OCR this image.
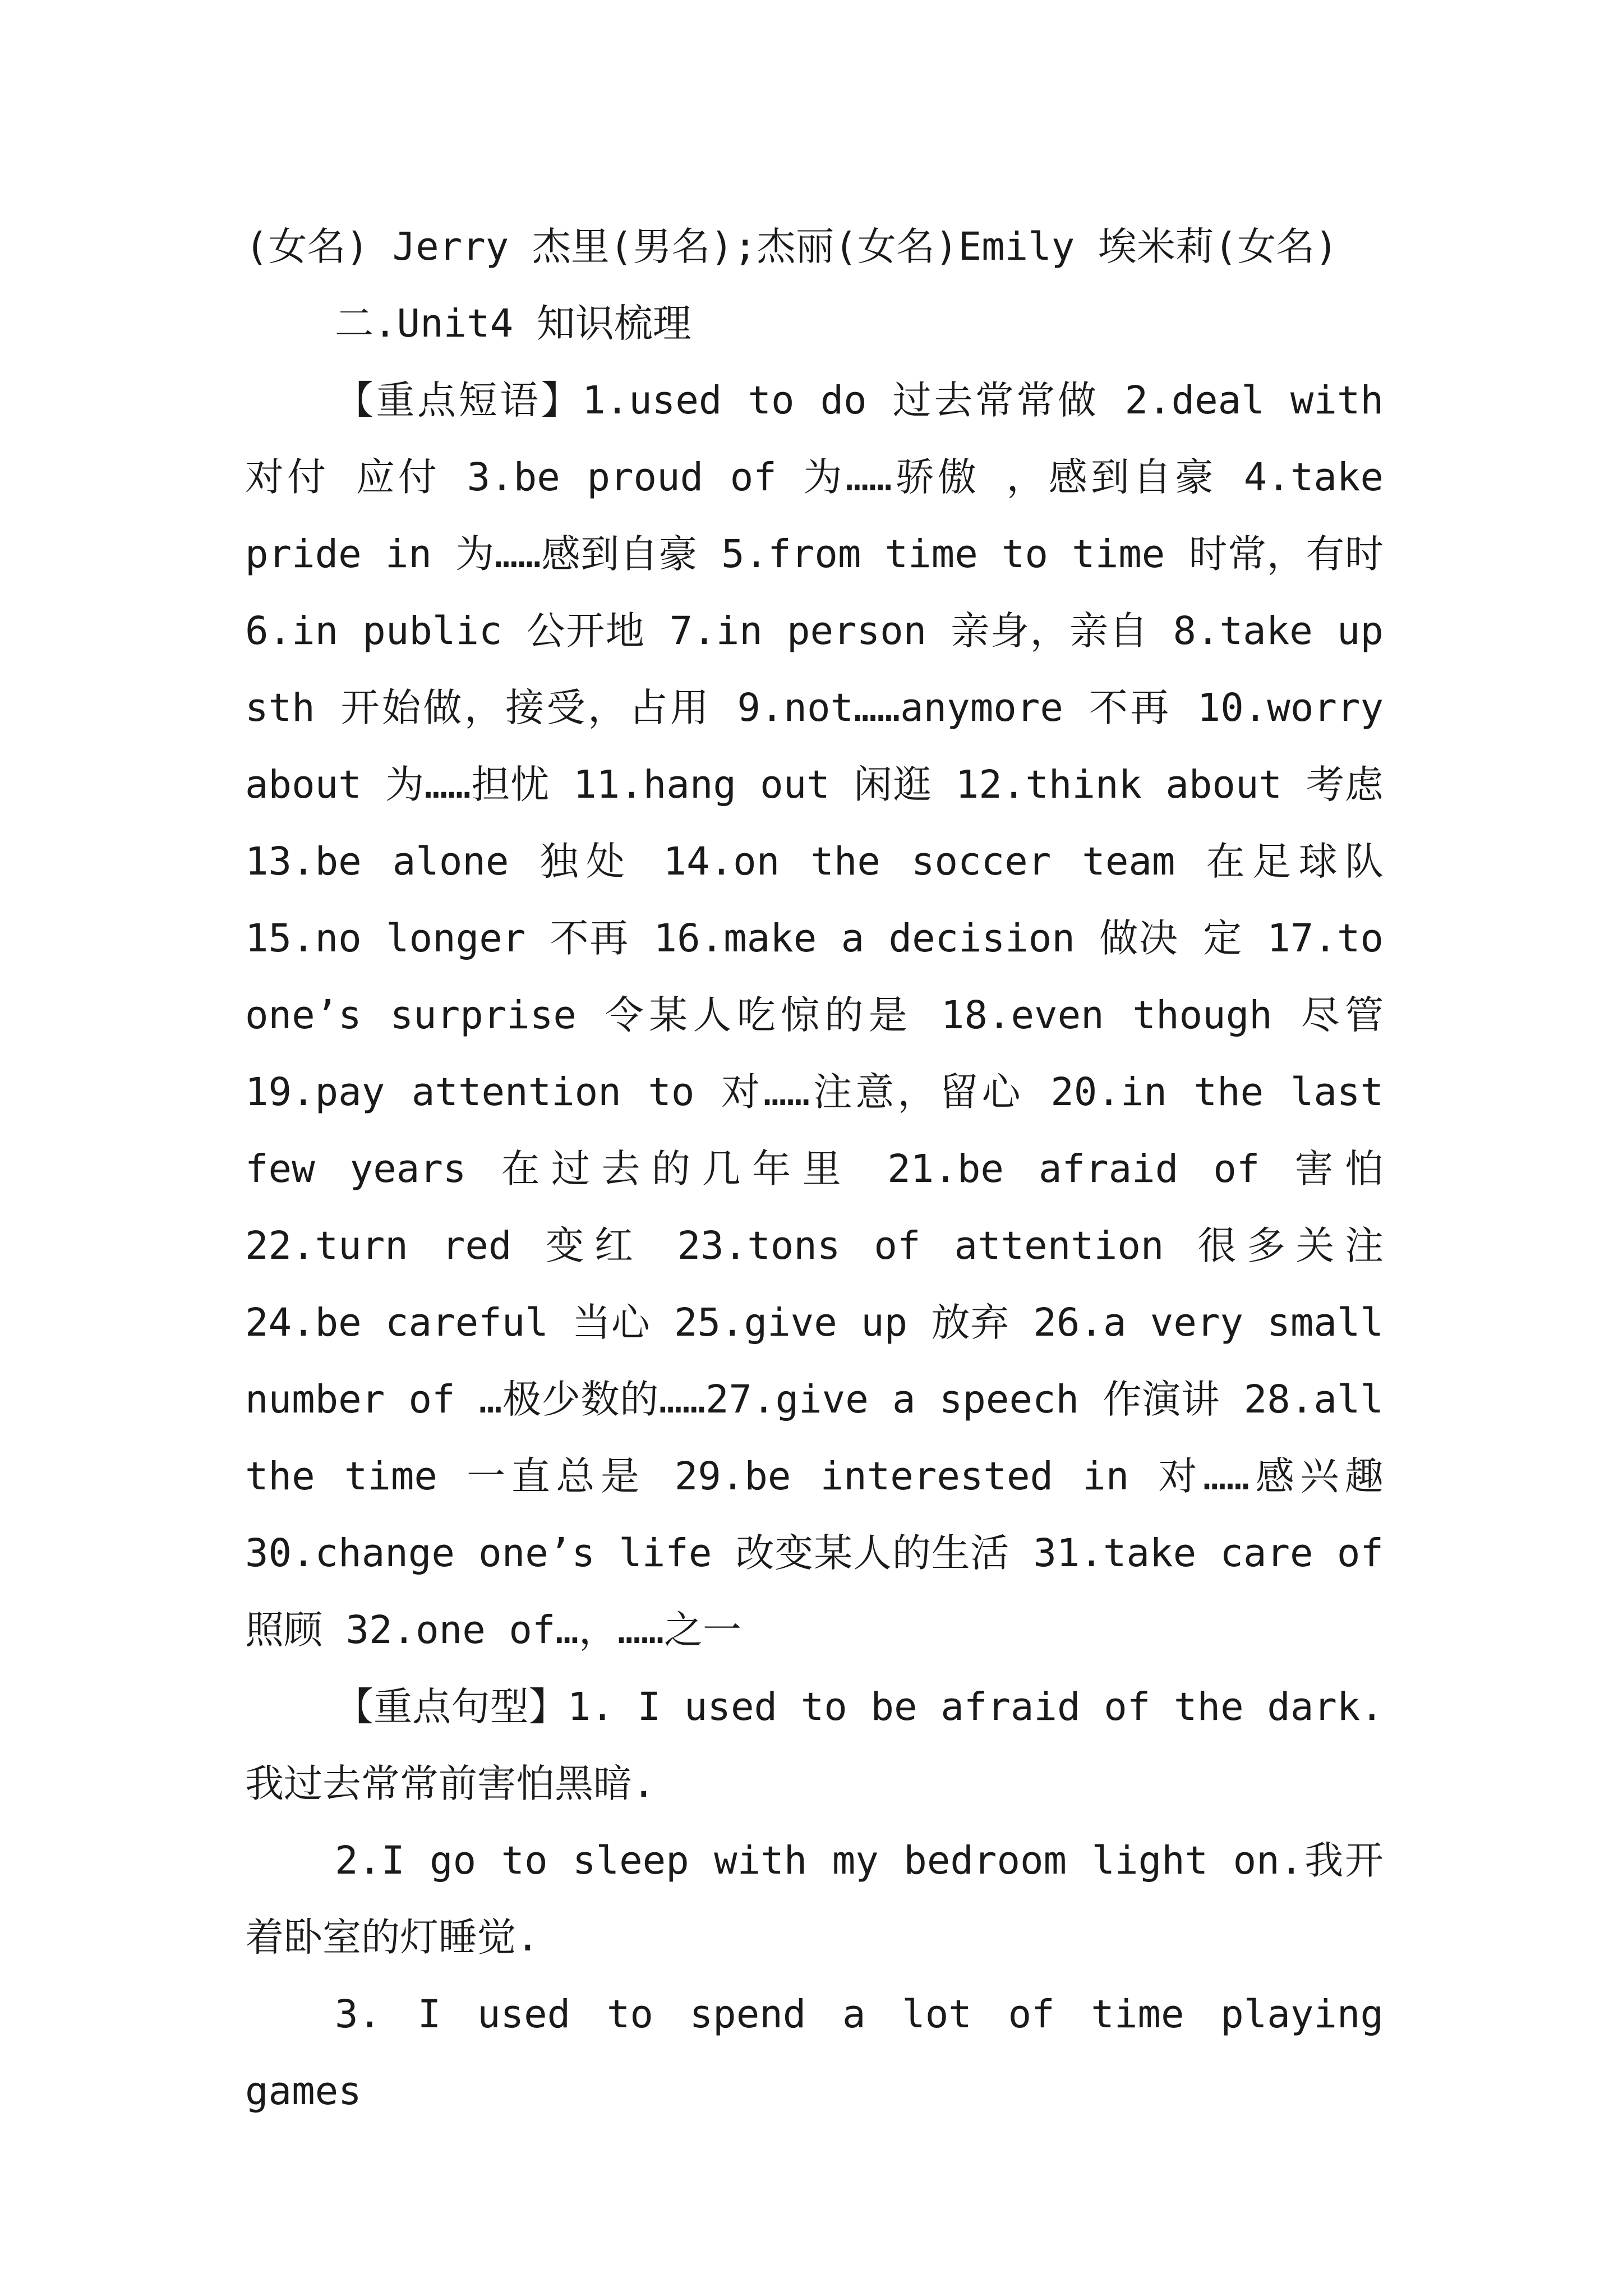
(女名) Jerry 杰里(男名);杰丽(女名)Emily 埃米莉(女名)

二.Unit4 知识梳理

【重点短语】1.used to do 过去常常做 2.deal with 对付 应付 3.be proud of 为……骄傲 ，感到自豪 4.take pride in 为……感到自豪 5.from time to time 时常，有时 6.in public 公开地 7.in person 亲身，亲自 8.take up sth 开始做，接受，占用 9.not……anymore 不再 10.worry about 为……担忧 11.hang out 闲逛 12.think about 考虑 13.be alone 独处 14.on the soccer team 在足球队 15.no longer 不再 16.make a decision 做决 定 17.to one’s surprise 令某人吃惊的是 18.even though 尽管 19.pay attention to 对……注意，留心 20.in the last few years 在过去的几年里 21.be afraid of 害怕 22.turn red 变红 23.tons of attention 很多关注 24.be careful 当心 25.give up 放弃 26.a very small number of …极少数的……27.give a speech 作演讲 28.all the time 一直总是 29.be interested in 对……感兴趣 30.change one’s life 改变某人的生活 31.take care of 照顾 32.one of…，……之一

【重点句型】1. I used to be afraid of the dark.我过去常常前害怕黑暗.

2.I go to sleep with my bedroom light on.我开着卧室的灯睡觉.

3. I used to spend a lot of time playing games
